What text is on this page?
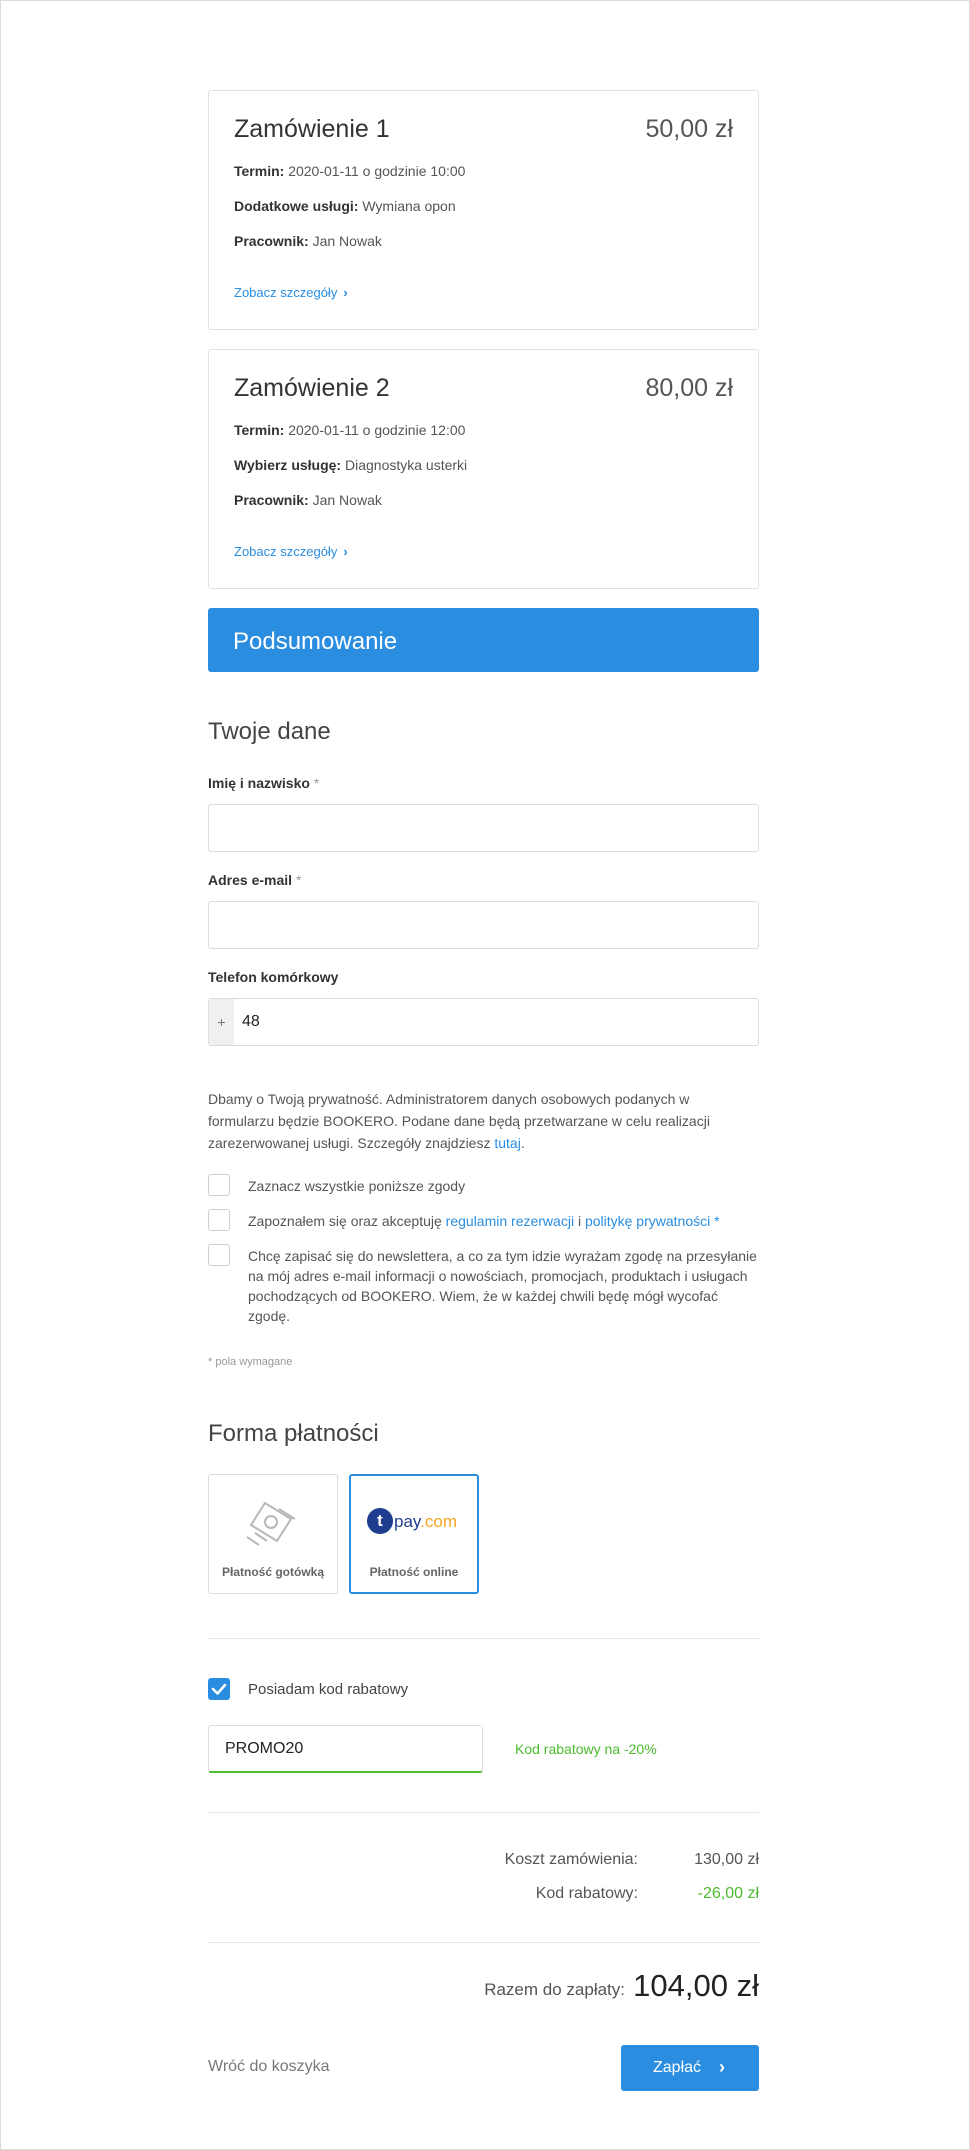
Zamówienie 1	50,00 zł
Termin: 2020-01-11 o godzinie 10:00
Dodatkowe usługi: Wymiana opon
Pracownik: Jan Nowak
Zobacz szczegóły ›
Zamówienie 2	80,00 zł
Termin: 2020-01-11 o godzinie 12:00
Wybierz usługę: Diagnostyka usterki
Pracownik: Jan Nowak
Zobacz szczegóły ›
Podsumowanie
Twoje dane
Imię i nazwisko *
Adres e-mail *
Telefon komórkowy
+	48
Dbamy o Twoją prywatność. Administratorem danych osobowych podanych w formularzu będzie BOOKERO. Podane dane będą przetwarzane w celu realizacji zarezerwowanej usługi. Szczegóły znajdziesz tutaj.
Zaznacz wszystkie poniższe zgody
Zapoznałem się oraz akceptuję regulamin rezerwacji i politykę prywatności *
Chcę zapisać się do newslettera, a co za tym idzie wyrażam zgodę na przesyłanie na mój adres e-mail informacji o nowościach, promocjach, produktach i usługach pochodzących od BOOKERO. Wiem, że w każdej chwili będę mógł wycofać zgodę.
* pola wymagane
Forma płatności
Płatność gotówką
t pay.com
Płatność online
Posiadam kod rabatowy
PROMO20	Kod rabatowy na -20%
Koszt zamówienia:	130,00 zł
Kod rabatowy:	-26,00 zł
Razem do zapłaty: 104,00 zł
Wróć do koszyka	Zapłać ›
